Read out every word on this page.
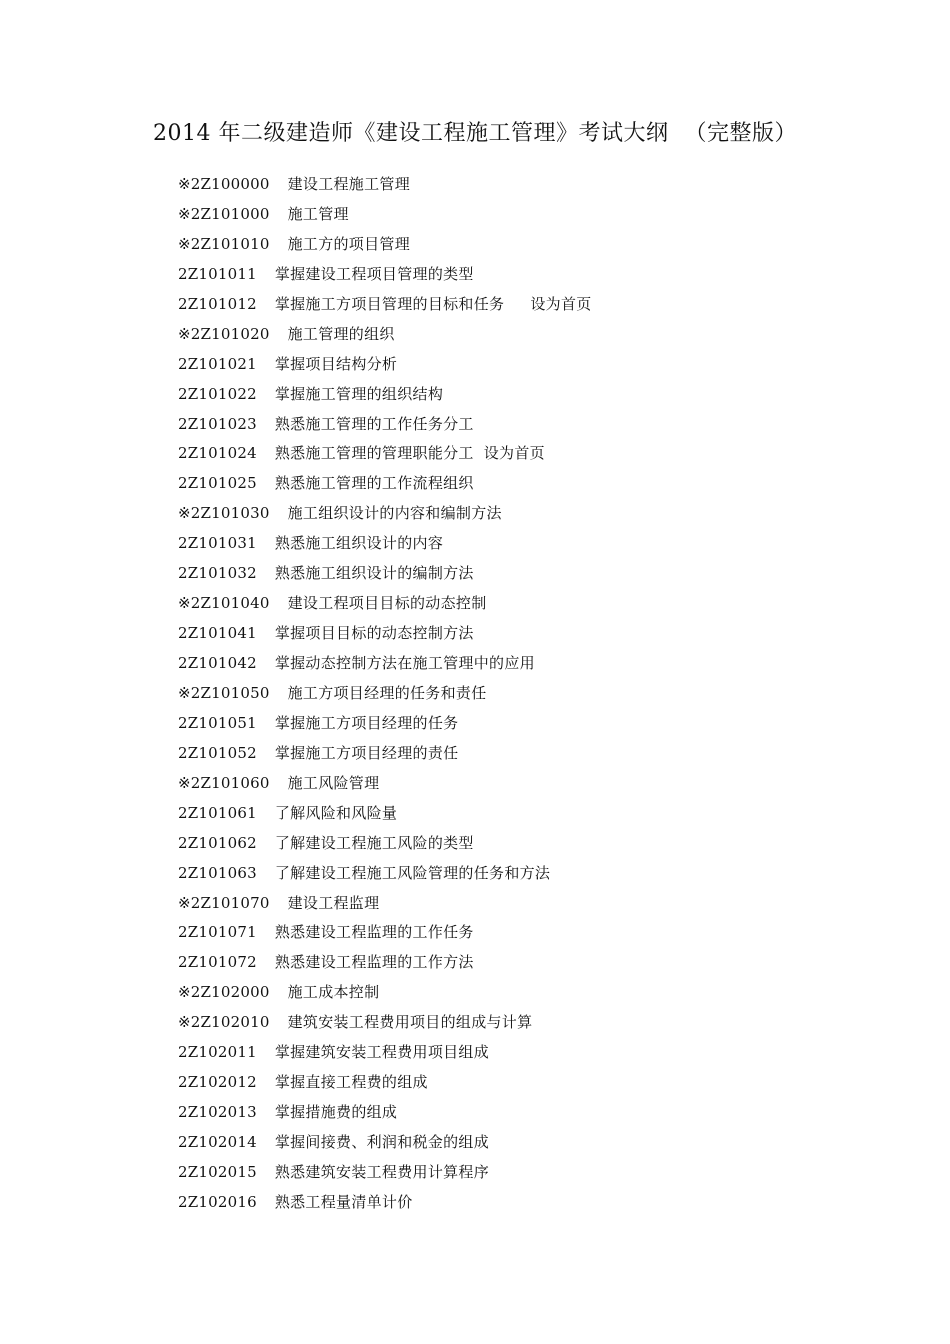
2014 年二级建造师《建设工程施工管理》考试大纲 （完整版）
※2Z100000 建设工程施工管理
※2Z101000 施工管理
※2Z101010 施工方的项目管理
2Z101011 掌握建设工程项目管理的类型
2Z101012 掌握施工方项目管理的目标和任务 设为首页
※2Z101020 施工管理的组织
2Z101021 掌握项目结构分析
2Z101022 掌握施工管理的组织结构
2Z101023 熟悉施工管理的工作任务分工
2Z101024 熟悉施工管理的管理职能分工 设为首页
2Z101025 熟悉施工管理的工作流程组织
※2Z101030 施工组织设计的内容和编制方法
2Z101031 熟悉施工组织设计的内容
2Z101032 熟悉施工组织设计的编制方法
※2Z101040 建设工程项目目标的动态控制
2Z101041 掌握项目目标的动态控制方法
2Z101042 掌握动态控制方法在施工管理中的应用
※2Z101050 施工方项目经理的任务和责任
2Z101051 掌握施工方项目经理的任务
2Z101052 掌握施工方项目经理的责任
※2Z101060 施工风险管理
2Z101061 了解风险和风险量
2Z101062 了解建设工程施工风险的类型
2Z101063 了解建设工程施工风险管理的任务和方法
※2Z101070 建设工程监理
2Z101071 熟悉建设工程监理的工作任务
2Z101072 熟悉建设工程监理的工作方法
※2Z102000 施工成本控制
※2Z102010 建筑安装工程费用项目的组成与计算
2Z102011 掌握建筑安装工程费用项目组成
2Z102012 掌握直接工程费的组成
2Z102013 掌握措施费的组成
2Z102014 掌握间接费、利润和税金的组成
2Z102015 熟悉建筑安装工程费用计算程序
2Z102016 熟悉工程量清单计价
